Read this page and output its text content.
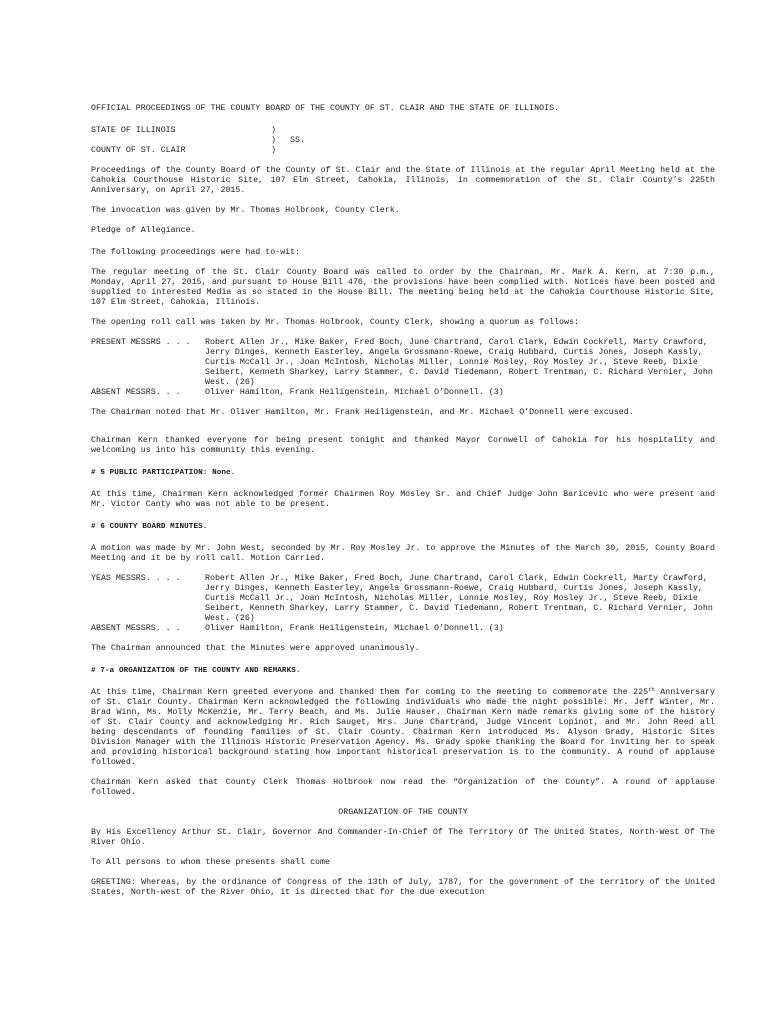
OFFICIAL PROCEEDINGS OF THE COUNTY BOARD OF THE COUNTY OF ST. CLAIR AND THE STATE OF ILLINOIS.

STATE OF ILLINOIS	)
) SS.
COUNTY OF ST. CLAIR	)

Proceedings of the County Board of the County of St. Clair and the State of Illinois at the regular April Meeting held at the Cahokia Courthouse Historic Site, 107 Elm Street, Cahokia, Illinois, in commemoration of the St. Clair County’s 225th Anniversary, on April 27, 2015.

The invocation was given by Mr. Thomas Holbrook, County Clerk.

Pledge of Allegiance.

The following proceedings were had to-wit:

The regular meeting of the St. Clair County Board was called to order by the Chairman, Mr. Mark A. Kern, at 7:30 p.m., Monday, April 27, 2015, and pursuant to House Bill 476, the provisions have been complied with. Notices have been posted and supplied to interested Media as so stated in the House Bill. The meeting being held at the Cahokia Courthouse Historic Site, 107 Elm Street, Cahokia, Illinois.

The opening roll call was taken by Mr. Thomas Holbrook, County Clerk, showing a quorum as follows:

PRESENT MESSRS . . .	Robert Allen Jr., Mike Baker, Fred Boch, June Chartrand, Carol Clark, Edwin Cockrell, Marty Crawford, Jerry Dinges, Kenneth Easterley, Angela Grossmann-Roewe, Craig Hubbard, Curtis Jones, Joseph Kassly, Curtis McCall Jr., Joan McIntosh, Nicholas Miller, Lonnie Mosley, Roy Mosley Jr., Steve Reeb, Dixie Seibert, Kenneth Sharkey, Larry Stammer, C. David Tiedemann, Robert Trentman, C. Richard Vernier, John West. (26)
ABSENT MESSRS. . .	Oliver Hamilton, Frank Heiligenstein, Michael O’Donnell. (3)

The Chairman noted that Mr. Oliver Hamilton, Mr. Frank Heiligenstein, and Mr. Michael O’Donnell were excused.

Chairman Kern thanked everyone for being present tonight and thanked Mayor Cornwell of Cahokia for his hospitality and welcoming us into his community this evening.

# 5 PUBLIC PARTICIPATION: None.

At this time, Chairman Kern acknowledged former Chairmen Roy Mosley Sr. and Chief Judge John Baricevic who were present and Mr. Victor Canty who was not able to be present.

# 6 COUNTY BOARD MINUTES.

A motion was made by Mr. John West, seconded by Mr. Roy Mosley Jr. to approve the Minutes of the March 30, 2015, County Board Meeting and it be by roll call. Motion Carried.

YEAS MESSRS. . . .	Robert Allen Jr., Mike Baker, Fred Boch, June Chartrand, Carol Clark, Edwin Cockrell, Marty Crawford, Jerry Dinges, Kenneth Easterley, Angela Grossmann-Roewe, Craig Hubbard, Curtis Jones, Joseph Kassly, Curtis McCall Jr., Joan McIntosh, Nicholas Miller, Lonnie Mosley, Roy Mosley Jr., Steve Reeb, Dixie Seibert, Kenneth Sharkey, Larry Stammer, C. David Tiedemann, Robert Trentman, C. Richard Vernier, John West. (26)
ABSENT MESSRS. . .	Oliver Hamilton, Frank Heiligenstein, Michael O’Donnell. (3)

The Chairman announced that the Minutes were approved unanimously.

# 7-a ORGANIZATION OF THE COUNTY AND REMARKS.

At this time, Chairman Kern greeted everyone and thanked them for coming to the meeting to commemorate the 225th Anniversary of St. Clair County. Chairman Kern acknowledged the following individuals who made the night possible: Mr. Jeff Winter, Mr. Brad Winn, Ms. Molly McKenzie, Mr. Terry Beach, and Ms. Julie Hauser. Chairman Kern made remarks giving some of the history of St. Clair County and acknowledging Mr. Rich Sauget, Mrs. June Chartrand, Judge Vincent Lopinot, and Mr. John Reed all being descendants of founding families of St. Clair County. Chairman Kern introduced Ms. Alyson Grady, Historic Sites Division Manager with the Illinois Historic Preservation Agency. Ms. Grady spoke thanking the Board for inviting her to speak and providing historical background stating how important historical preservation is to the community. A round of applause followed.

Chairman Kern asked that County Clerk Thomas Holbrook now read the “Organization of the County”. A round of applause followed.

ORGANIZATION OF THE COUNTY

By His Excellency Arthur St. Clair, Governor And Commander-In-Chief Of The Territory Of The United States, North-West Of The River Ohio.

To All persons to whom these presents shall come

GREETING: Whereas, by the ordinance of Congress of the 13th of July, 1787, for the government of the territory of the United States, North-west of the River Ohio, it is directed that for the due execution
